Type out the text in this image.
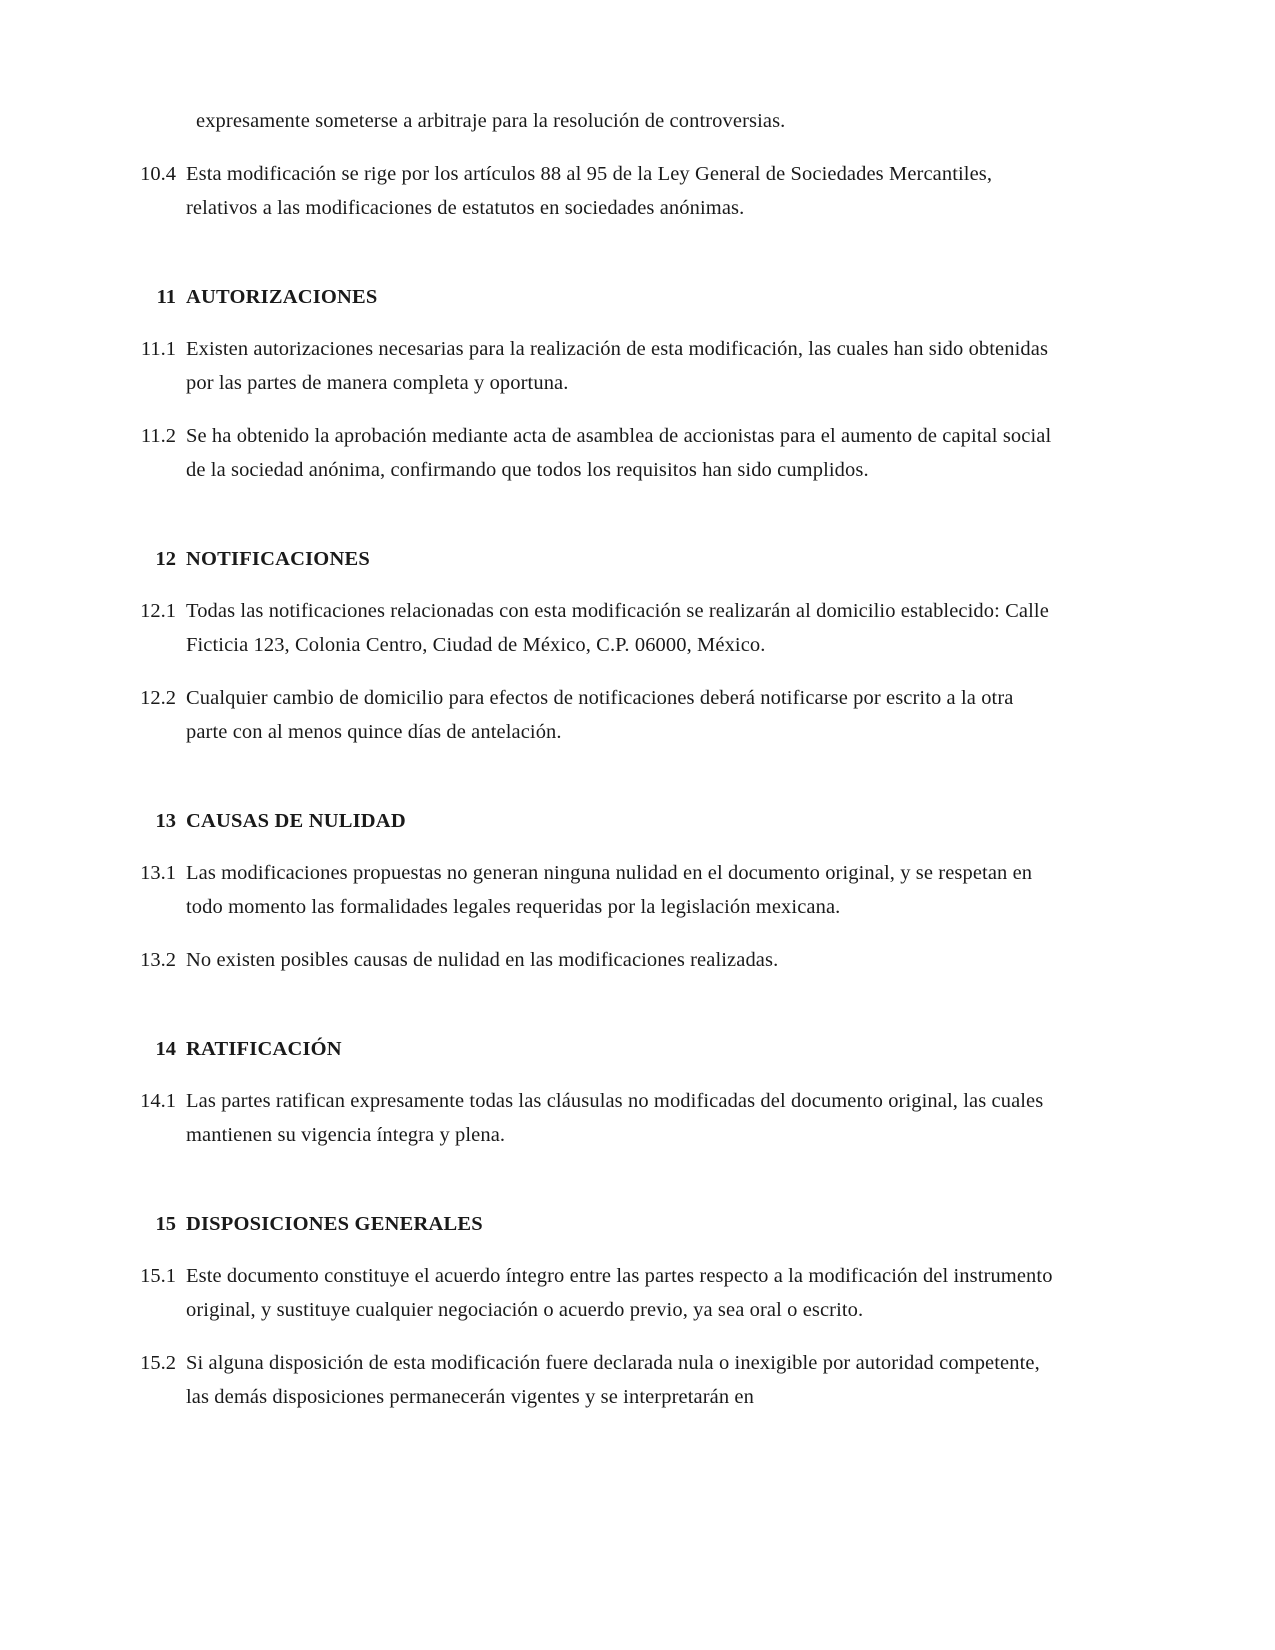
expresamente someterse a arbitraje para la resolución de controversias.
10.4 Esta modificación se rige por los artículos 88 al 95 de la Ley General de Sociedades Mercantiles, relativos a las modificaciones de estatutos en sociedades anónimas.
11 AUTORIZACIONES
11.1 Existen autorizaciones necesarias para la realización de esta modificación, las cuales han sido obtenidas por las partes de manera completa y oportuna.
11.2 Se ha obtenido la aprobación mediante acta de asamblea de accionistas para el aumento de capital social de la sociedad anónima, confirmando que todos los requisitos han sido cumplidos.
12 NOTIFICACIONES
12.1 Todas las notificaciones relacionadas con esta modificación se realizarán al domicilio establecido: Calle Ficticia 123, Colonia Centro, Ciudad de México, C.P. 06000, México.
12.2 Cualquier cambio de domicilio para efectos de notificaciones deberá notificarse por escrito a la otra parte con al menos quince días de antelación.
13 CAUSAS DE NULIDAD
13.1 Las modificaciones propuestas no generan ninguna nulidad en el documento original, y se respetan en todo momento las formalidades legales requeridas por la legislación mexicana.
13.2 No existen posibles causas de nulidad en las modificaciones realizadas.
14 RATIFICACIÓN
14.1 Las partes ratifican expresamente todas las cláusulas no modificadas del documento original, las cuales mantienen su vigencia íntegra y plena.
15 DISPOSICIONES GENERALES
15.1 Este documento constituye el acuerdo íntegro entre las partes respecto a la modificación del instrumento original, y sustituye cualquier negociación o acuerdo previo, ya sea oral o escrito.
15.2 Si alguna disposición de esta modificación fuere declarada nula o inexigible por autoridad competente, las demás disposiciones permanecerán vigentes y se interpretarán en
